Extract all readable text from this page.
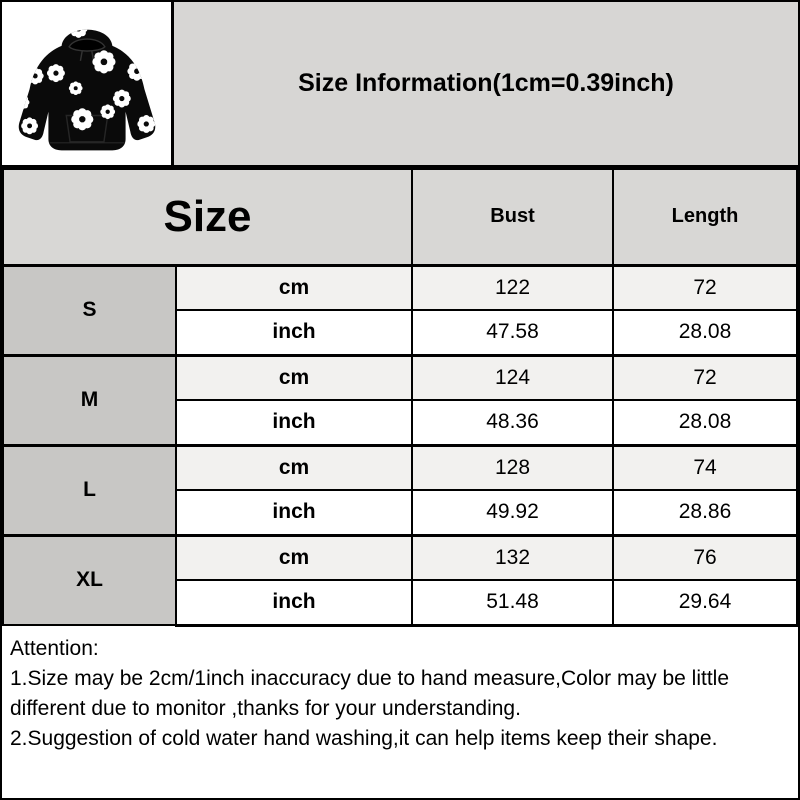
Size Information(1cm=0.39inch)
Size		Bust	Length
S	cm	122	72
	inch	47.58	28.08
M	cm	124	72
	inch	48.36	28.08
L	cm	128	74
	inch	49.92	28.86
XL	cm	132	76
	inch	51.48	29.64
Attention:
1.Size may be 2cm/1inch inaccuracy due to hand measure,Color may be little
different due to monitor ,thanks for your understanding.
2.Suggestion of cold water hand washing,it can help items keep their shape.
